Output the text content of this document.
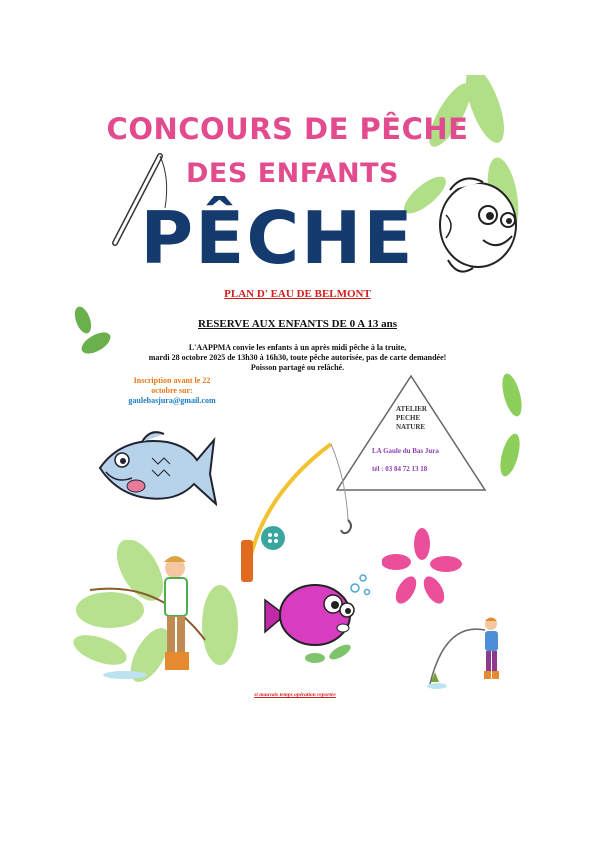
CONCOURS DE PÊCHE
DES ENFANTS
PÊCHE
PLAN D' EAU DE BELMONT
RESERVE AUX ENFANTS DE 0 A 13 ans
L'AAPPMA convie les enfants à un après midi pêche à la truite,
mardi 28 octobre 2025 de 13h30 à 16h30, toute pêche autorisée, pas de carte demandée!
Poisson partagé ou relâché.
Inscription avant le 22
octobre sur:
gaulebasjura@gmail.com
ATELIER
PECHE
NATURE
LA Gaule du Bas Jura
tél : 03 84 72 13 18
si mauvais temps opération reportée
